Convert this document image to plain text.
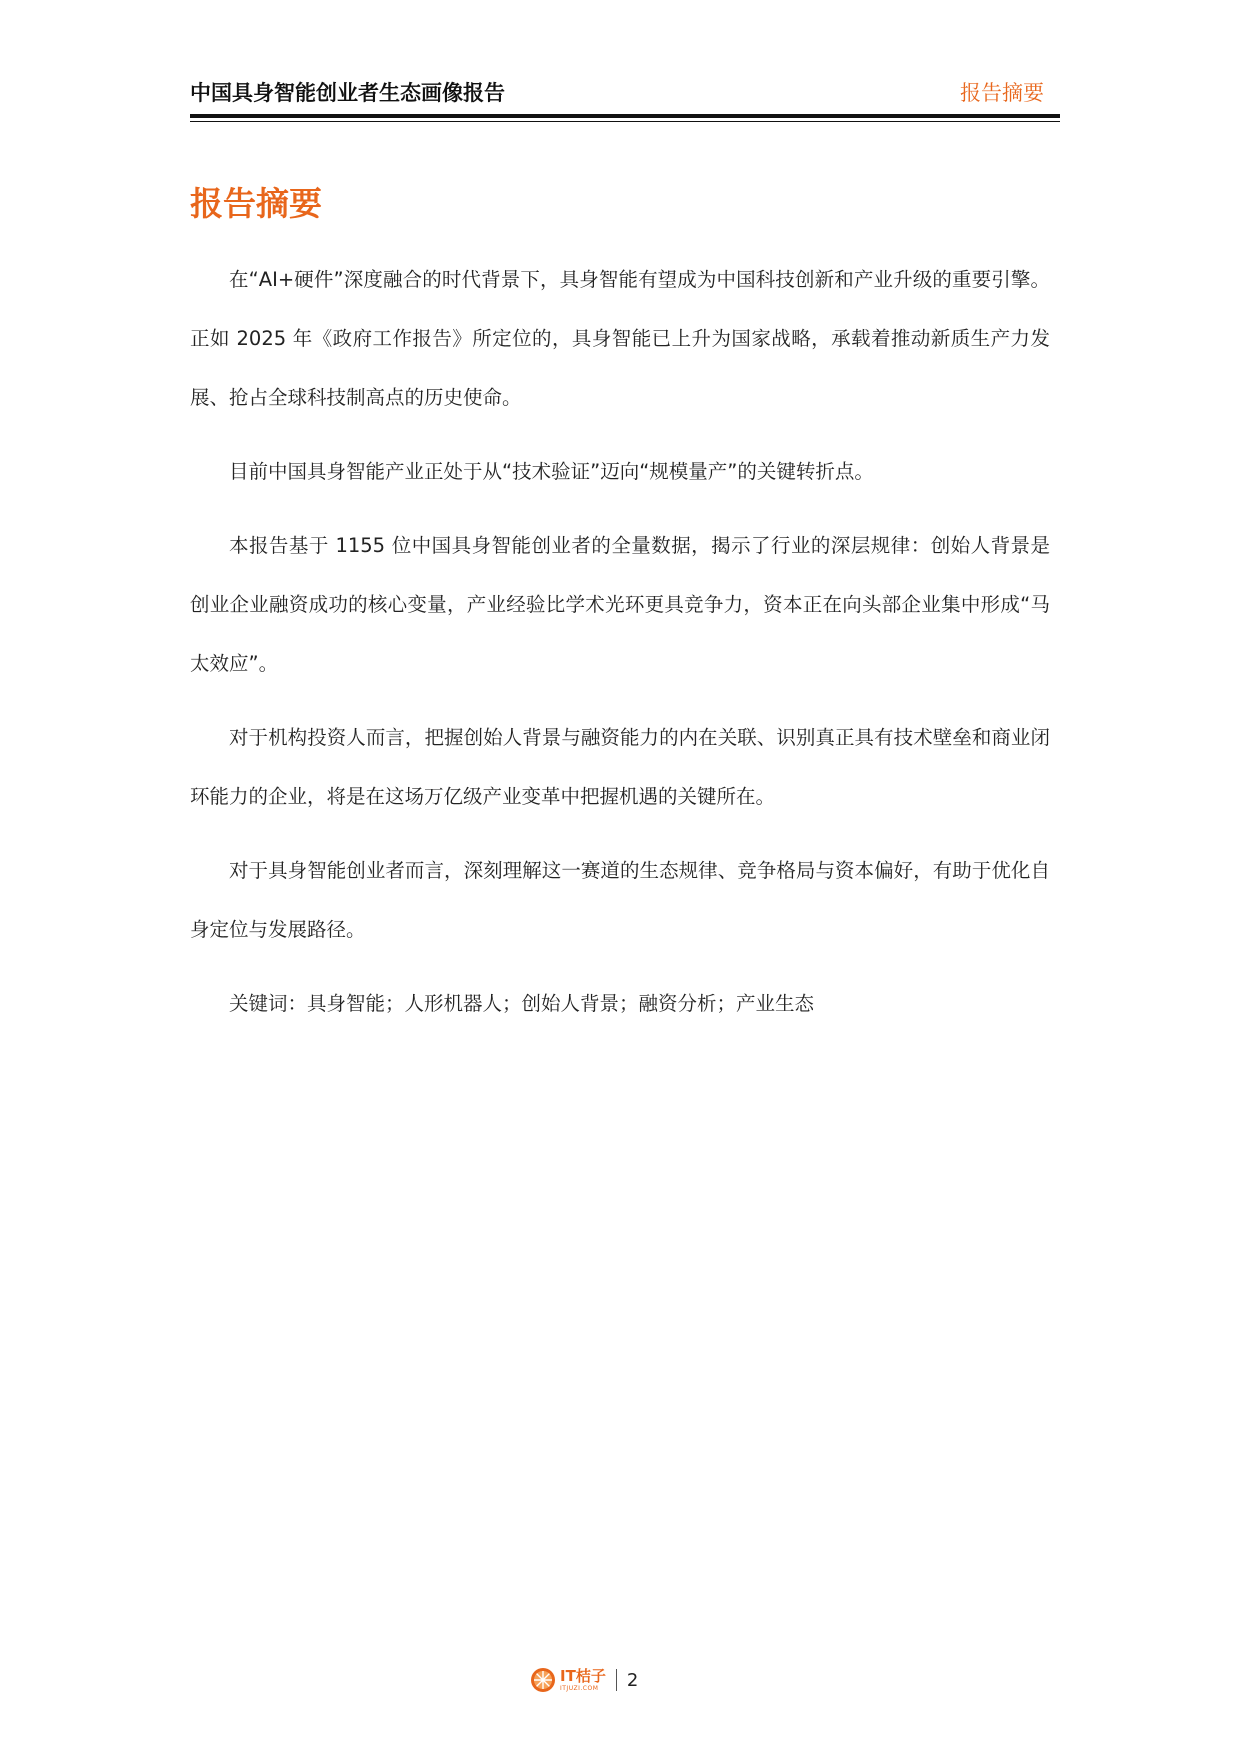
中国具身智能创业者生态画像报告	报告摘要
报告摘要

在“AI+硬件”深度融合的时代背景下，具身智能有望成为中国科技创新和产业升级的重要引擎。正如 2025 年《政府工作报告》所定位的，具身智能已上升为国家战略，承载着推动新质生产力发展、抢占全球科技制高点的历史使命。

目前中国具身智能产业正处于从“技术验证”迈向“规模量产”的关键转折点。

本报告基于 1155 位中国具身智能创业者的全量数据，揭示了行业的深层规律：创始人背景是创业企业融资成功的核心变量，产业经验比学术光环更具竞争力，资本正在向头部企业集中形成“马太效应”。

对于机构投资人而言，把握创始人背景与融资能力的内在关联、识别真正具有技术壁垒和商业闭环能力的企业，将是在这场万亿级产业变革中把握机遇的关键所在。

对于具身智能创业者而言，深刻理解这一赛道的生态规律、竞争格局与资本偏好，有助于优化自身定位与发展路径。

关键词：具身智能；人形机器人；创始人背景；融资分析；产业生态

IT桔子
ITJUZI.COM	2
